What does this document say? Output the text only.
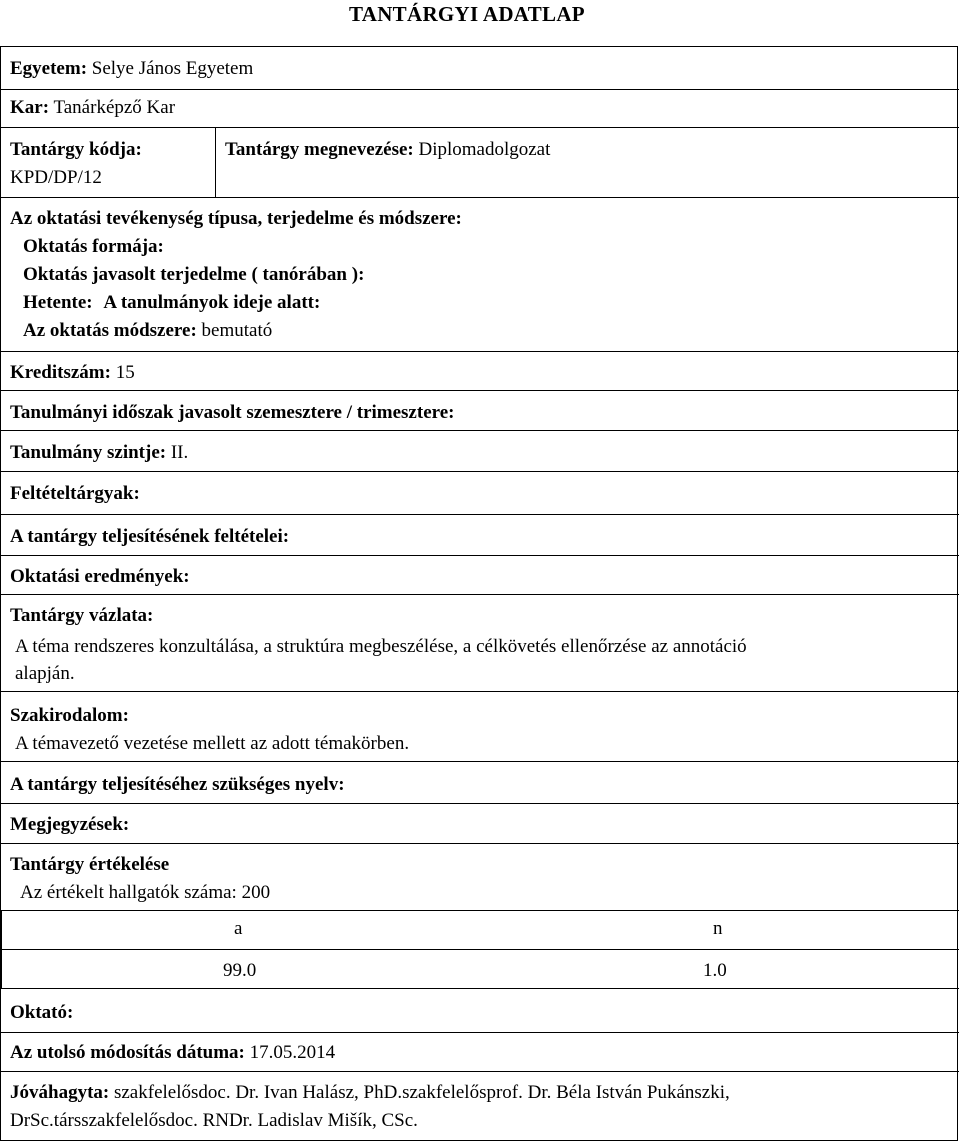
TANTÁRGYI ADATLAP
Egyetem: Selye János Egyetem
Kar: Tanárképző Kar
Tantárgy kódja:
KPD/DP/12
Tantárgy megnevezése: Diplomadolgozat
Az oktatási tevékenység típusa, terjedelme és módszere:
Oktatás formája:
Oktatás javasolt terjedelme ( tanórában ):
Hetente: A tanulmányok ideje alatt:
Az oktatás módszere: bemutató
Kreditszám: 15
Tanulmányi időszak javasolt szemesztere / trimesztere:
Tanulmány szintje: II.
Feltételtárgyak:
A tantárgy teljesítésének feltételei:
Oktatási eredmények:
Tantárgy vázlata:
A téma rendszeres konzultálása, a struktúra megbeszélése, a célkövetés ellenőrzése az annotáció
alapján.
Szakirodalom:
A témavezető vezetése mellett az adott témakörben.
A tantárgy teljesítéséhez szükséges nyelv:
Megjegyzések:
Tantárgy értékelése
Az értékelt hallgatók száma: 200
a	n
99.0	1.0
Oktató:
Az utolsó módosítás dátuma: 17.05.2014
Jóváhagyta: szakfelelősdoc. Dr. Ivan Halász, PhD.szakfelelősprof. Dr. Béla István Pukánszki,
DrSc.társszakfelelősdoc. RNDr. Ladislav Mišík, CSc.
